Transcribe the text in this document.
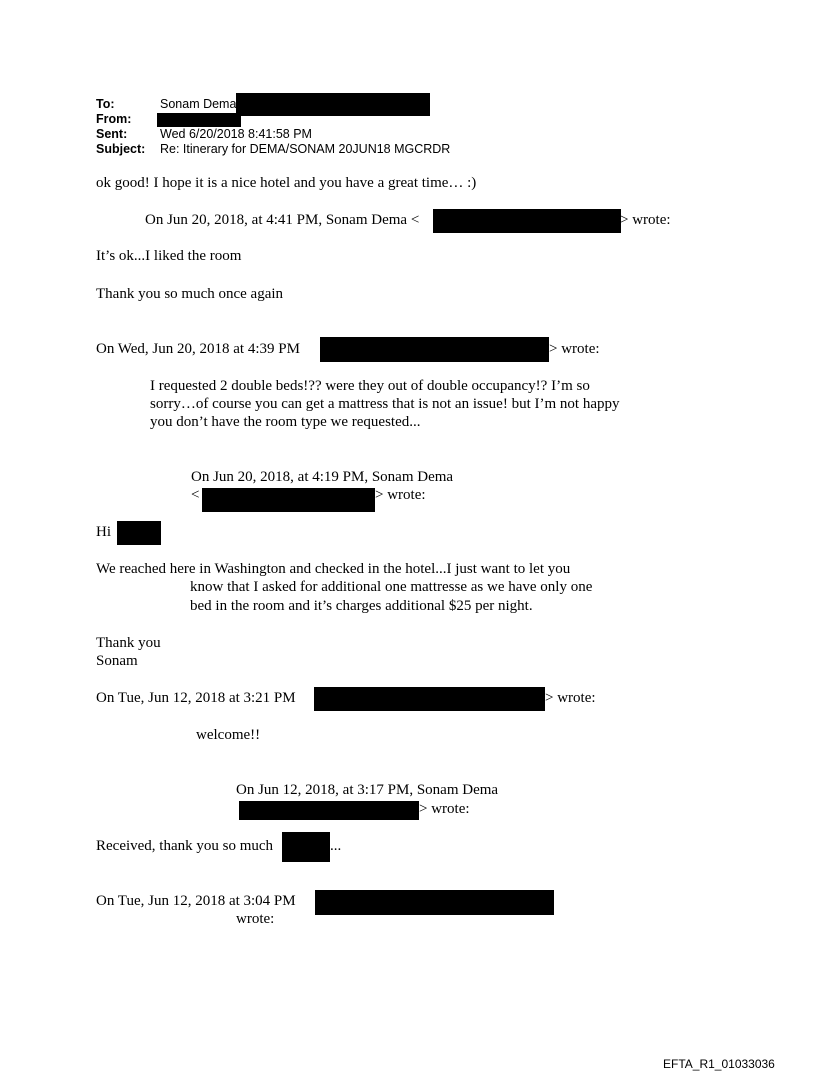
To:	Sonam Dema
From:
Sent:	Wed 6/20/2018 8:41:58 PM
Subject: Re: Itinerary for DEMA/SONAM 20JUN18 MGCRDR
ok good! I hope it is a nice hotel and you have a great time… :)
On Jun 20, 2018, at 4:41 PM, Sonam Dema <	> wrote:
It’s ok...I liked the room
Thank you so much once again
On Wed, Jun 20, 2018 at 4:39 PM	> wrote:
I requested 2 double beds!?? were they out of double occupancy!? I’m so
sorry…of course you can get a mattress that is not an issue! but I’m not happy
you don’t have the room type we requested...
On Jun 20, 2018, at 4:19 PM, Sonam Dema
<	> wrote:
Hi
We reached here in Washington and checked in the hotel...I just want to let you
know that I asked for additional one mattresse as we have only one
bed in the room and it’s charges additional $25 per night.
Thank you
Sonam
On Tue, Jun 12, 2018 at 3:21 PM	> wrote:
welcome!!
On Jun 12, 2018, at 3:17 PM, Sonam Dema
> wrote:
Received, thank you so much	...
On Tue, Jun 12, 2018 at 3:04 PM
wrote:
EFTA_R1_01033036
